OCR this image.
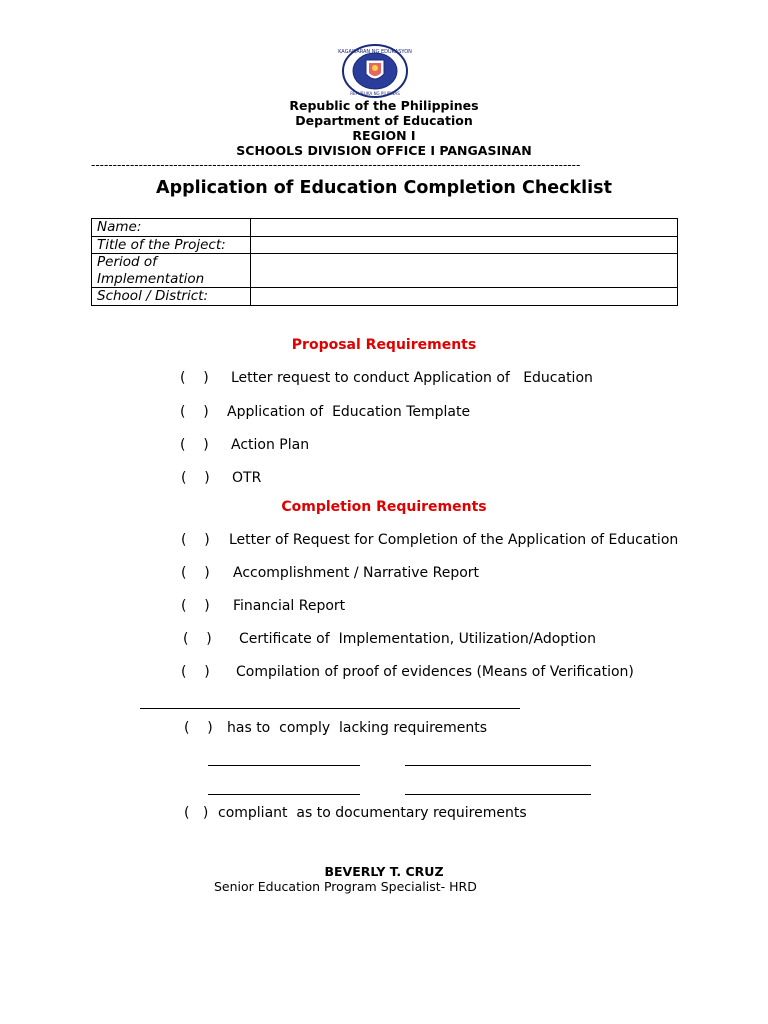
KAGAWARAN NG EDUKASYON
REPUBLIKA NG PILIPINAS
Republic of the Philippines
Department of Education
REGION I
SCHOOLS DIVISION OFFICE I PANGASINAN
-----------------------------------------------------------------------------------------------------------------
Application of Education Completion Checklist
Name:	
Title of the Project:	
Period of Implementation	
School / District:	
Proposal Requirements
(    ) Letter request to conduct Application of   Education
(    ) Application of  Education Template
(    ) Action Plan
(    ) OTR
Completion Requirements
(    ) Letter of Request for Completion of the Application of Education
(    ) Accomplishment / Narrative Report
(    ) Financial Report
(    ) Certificate of  Implementation, Utilization/Adoption
(    ) Compilation of proof of evidences (Means of Verification)
(    ) has to  comply  lacking requirements
(   ) compliant  as to documentary requirements
BEVERLY T. CRUZ
Senior Education Program Specialist- HRD
